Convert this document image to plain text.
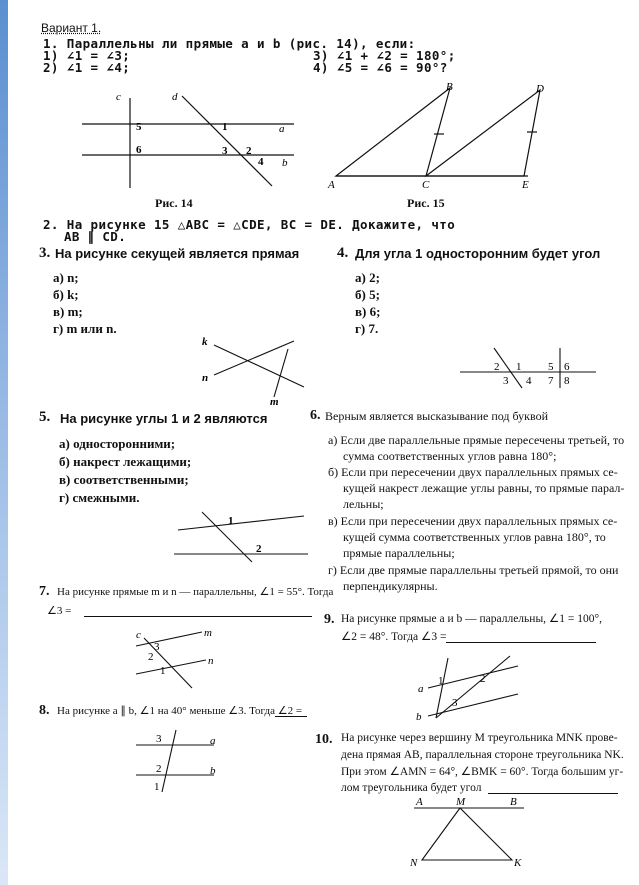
Вариант 1.
1. Параллельны ли прямые a и b (рис. 14), если:
1) ∠1 = ∠3;
2) ∠1 = ∠4;
3) ∠1 + ∠2 = 180°;
4) ∠5 = ∠6 = 90°?
c	d
a
b
5
6
1
3 2
4
Рис. 14
A
B
C
D
E
Рис. 15
2. На рисунке 15 △ABC = △CDE, BC = DE. Докажите, что
AB ∥ CD.
3. На рисунке секущей является прямая
а) n;
б) k;
в) m;
г) m или n.
k
n
m
4. Для угла 1 односторонним будет угол
а) 2;
б) 5;
в) 6;
г) 7.
2 1
3 4
5 6
7 8
5. На рисунке углы 1 и 2 являются
а) односторонними;
б) накрест лежащими;
в) соответственными;
г) смежными.
1
2
6. Верным является высказывание под буквой
а) Если две параллельные прямые пересечены третьей, то
сумма соответственных углов равна 180°;
б) Если при пересечении двух параллельных прямых се-
кущей накрест лежащие углы равны, то прямые парал-
лельны;
в) Если при пересечении двух параллельных прямых се-
кущей сумма соответственных углов равна 180°, то
прямые параллельны;
г) Если две прямые параллельны третьей прямой, то они
перпендикулярны.
7. На рисунке прямые m и n — параллельны, ∠1 = 55°. Тогда
∠3 =
c	m
n
3
2
1
8. На рисунке a ∥ b, ∠1 на 40° меньше ∠3. Тогда ∠2 =
3
2
1
a
b
9. На рисунке прямые a и b — параллельны, ∠1 = 100°,
∠2 = 48°. Тогда ∠3 =
a
b
1	2
3
10. На рисунке через вершину M треугольника MNK прове-
дена прямая AB, параллельная стороне треугольника NK.
При этом ∠AMN = 64°, ∠BMK = 60°. Тогда большим уг-
лом треугольника будет угол
A	M	B
N	K
